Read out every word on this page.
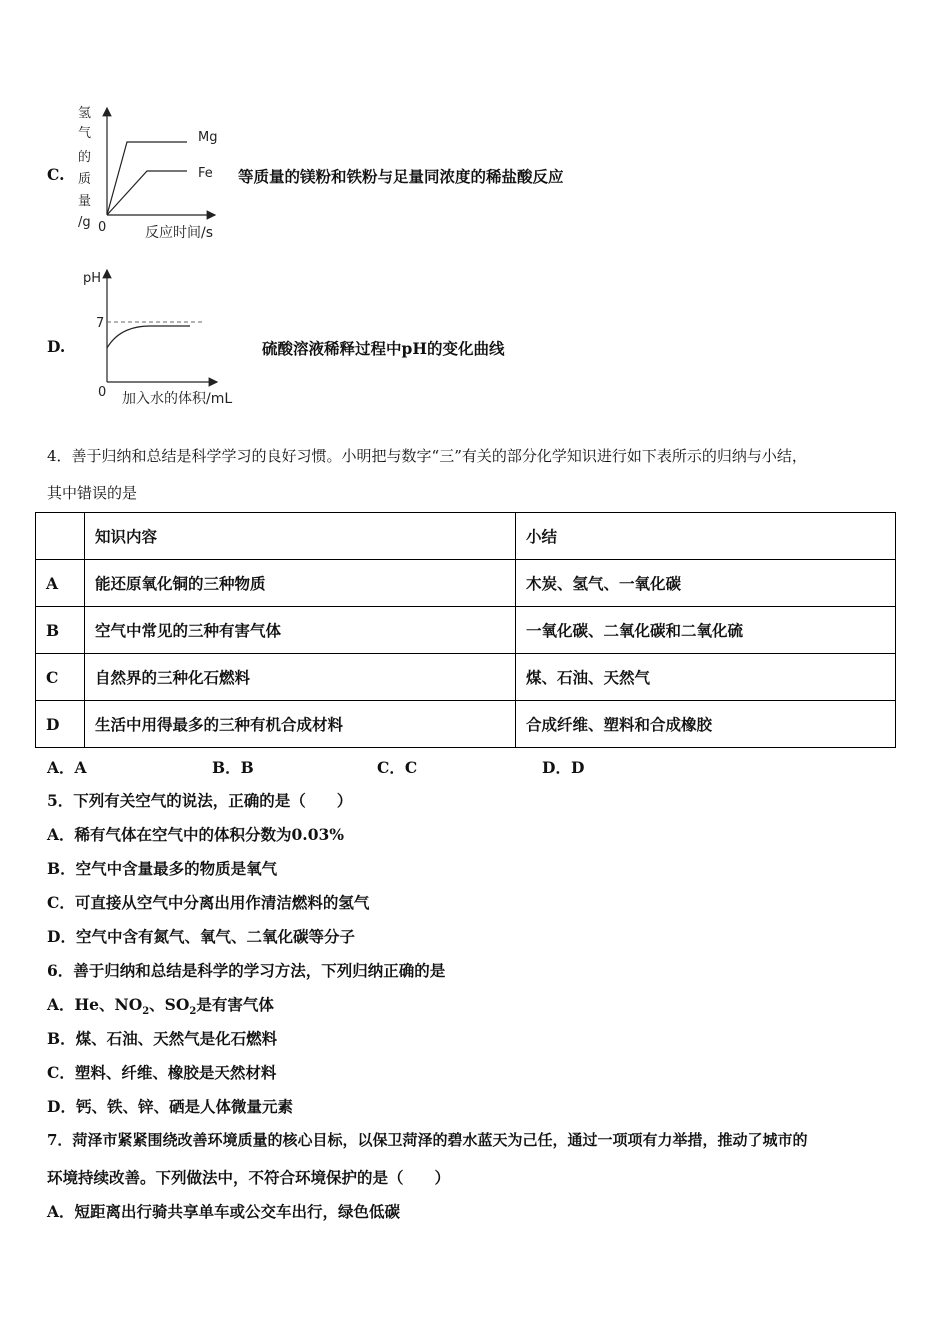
C.
氢
气
的
质
量
/g
Mg
Fe
0	反应时间/s
等质量的镁粉和铁粉与足量同浓度的稀盐酸反应
D.
pH
7
0 加入水的体积/mL
硫酸溶液稀释过程中pH的变化曲线
4．善于归纳和总结是科学学习的良好习惯。小明把与数字“三”有关的部分化学知识进行如下表所示的归纳与小结，
其中错误的是
	知识内容	小结
A	能还原氧化铜的三种物质	木炭、氢气、一氧化碳
B	空气中常见的三种有害气体	一氧化碳、二氧化碳和二氧化硫
C	自然界的三种化石燃料	煤、石油、天然气
D	生活中用得最多的三种有机合成材料	合成纤维、塑料和合成橡胶
A．A	B．B	C．C	D．D
5．下列有关空气的说法，正确的是（　　）
A．稀有气体在空气中的体积分数为0.03%
B．空气中含量最多的物质是氧气
C．可直接从空气中分离出用作清洁燃料的氢气
D．空气中含有氮气、氧气、二氧化碳等分子
6．善于归纳和总结是科学的学习方法，下列归纳正确的是
A．He、$NO_2$、$SO_2$是有害气体
B．煤、石油、天然气是化石燃料
C．塑料、纤维、橡胶是天然材料
D．钙、铁、锌、硒是人体微量元素
7．菏泽市紧紧围绕改善环境质量的核心目标，以保卫菏泽的碧水蓝天为己任，通过一项项有力举措，推动了城市的
环境持续改善。下列做法中，不符合环境保护的是（　　）
A．短距离出行骑共享单车或公交车出行，绿色低碳
